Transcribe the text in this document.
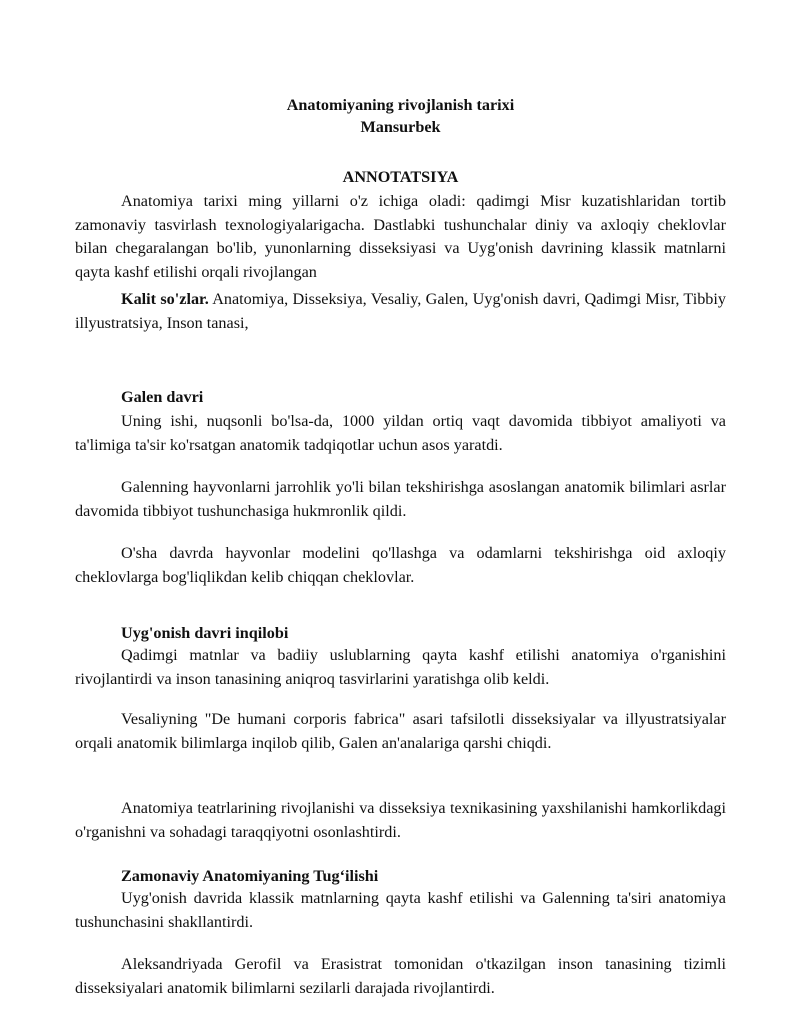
Anatomiyaning rivojlanish tarixi
Mansurbek
ANNOTATSIYA

Anatomiya tarixi ming yillarni o'z ichiga oladi: qadimgi Misr kuzatishlaridan tortib zamonaviy tasvirlash texnologiyalarigacha. Dastlabki tushunchalar diniy va axloqiy cheklovlar bilan chegaralangan bo'lib, yunonlarning disseksiyasi va Uyg'onish davrining klassik matnlarni qayta kashf etilishi orqali rivojlangan

Kalit so'zlar. Anatomiya, Disseksiya, Vesaliy, Galen, Uyg'onish davri, Qadimgi Misr, Tibbiy illyustratsiya, Inson tanasi,

Galen davri

Uning ishi, nuqsonli bo'lsa-da, 1000 yildan ortiq vaqt davomida tibbiyot amaliyoti va ta'limiga ta'sir ko'rsatgan anatomik tadqiqotlar uchun asos yaratdi.

Galenning hayvonlarni jarrohlik yo'li bilan tekshirishga asoslangan anatomik bilimlari asrlar davomida tibbiyot tushunchasiga hukmronlik qildi.

O'sha davrda hayvonlar modelini qo'llashga va odamlarni tekshirishga oid axloqiy cheklovlarga bog'liqlikdan kelib chiqqan cheklovlar.

Uyg'onish davri inqilobi

Qadimgi matnlar va badiiy uslublarning qayta kashf etilishi anatomiya o'rganishini rivojlantirdi va inson tanasining aniqroq tasvirlarini yaratishga olib keldi.

Vesaliyning "De humani corporis fabrica" asari tafsilotli disseksiyalar va illyustratsiyalar orqali anatomik bilimlarga inqilob qilib, Galen an'analariga qarshi chiqdi.

Anatomiya teatrlarining rivojlanishi va disseksiya texnikasining yaxshilanishi hamkorlikdagi o'rganishni va sohadagi taraqqiyotni osonlashtirdi.

Zamonaviy Anatomiyaning Tug‘ilishi

Uyg'onish davrida klassik matnlarning qayta kashf etilishi va Galenning ta'siri anatomiya tushunchasini shakllantirdi.

Aleksandriyada Gerofil va Erasistrat tomonidan o'tkazilgan inson tanasining tizimli disseksiyalari anatomik bilimlarni sezilarli darajada rivojlantirdi.
